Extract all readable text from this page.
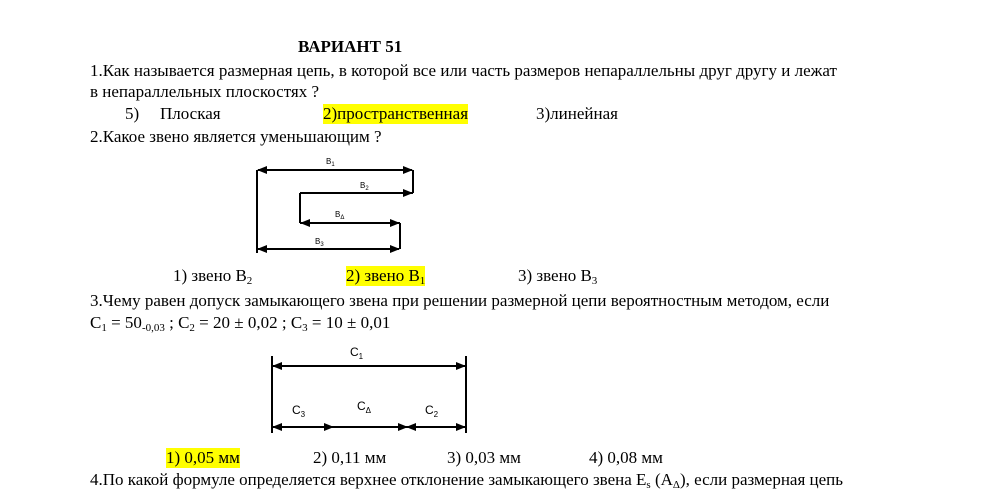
ВАРИАНТ 51
1.Как называется размерная цепь, в которой все или часть размеров непараллельны друг другу и лежат
в непараллельных плоскостях ?
5) Плоская	2)пространственная	3)линейная
2.Какое звено является уменьшающим ?
$B_1$
$B_2$
$B_\Delta$
$B_3$
$C_1$
$C_3$
$C_\Delta$	$C_2$
1) звено $B_2$	2) звено $B_1$	3) звено $B_3$
3.Чему равен допуск замыкающего звена при решении размерной цепи вероятностным методом, если
$C_1 = 50_{-0,03}$ ; $C_2 = 20 \pm 0,02$ ; $C_3 = 10 \pm 0,01$
1) 0,05 мм	2) 0,11 мм	3) 0,03 мм	4) 0,08 мм
4.По какой формуле определяется верхнее отклонение замыкающего звена $E_s$ $(A_\Delta)$, если размерная цепь
